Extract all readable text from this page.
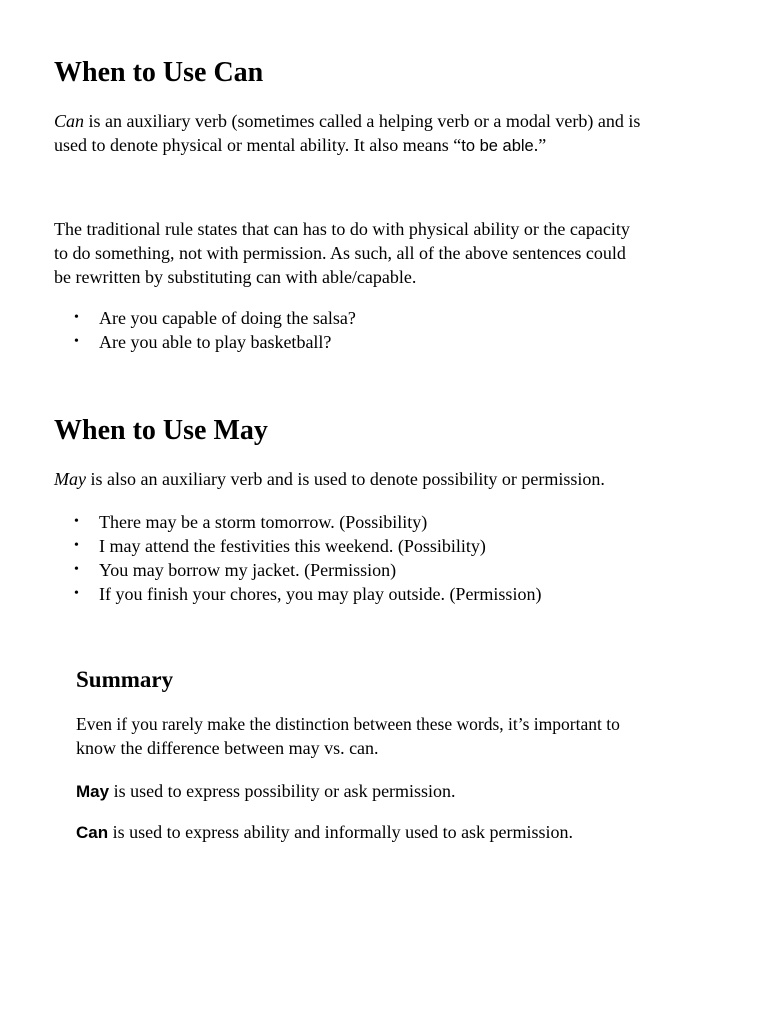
When to Use Can

Can is an auxiliary verb (sometimes called a helping verb or a modal verb) and is

used to denote physical or mental ability. It also means “to be able.”

The traditional rule states that can has to do with physical ability or the capacity

to do something, not with permission. As such, all of the above sentences could

be rewritten by substituting can with able/capable.

• Are you capable of doing the salsa?
• Are you able to play basketball?
When to Use May

May is also an auxiliary verb and is used to denote possibility or permission.

• There may be a storm tomorrow. (Possibility)
• I may attend the festivities this weekend. (Possibility)
• You may borrow my jacket. (Permission)
• If you finish your chores, you may play outside. (Permission)
Summary

Even if you rarely make the distinction between these words, it’s important to

know the difference between may vs. can.

May is used to express possibility or ask permission.

Can is used to express ability and informally used to ask permission.
